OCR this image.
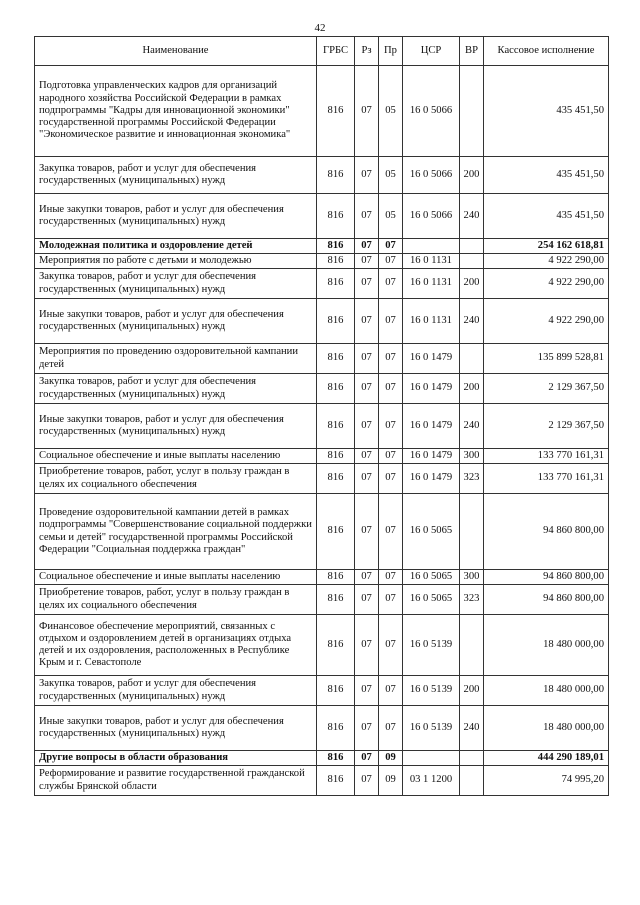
42
Наименование	ГРБС	Рз	Пр	ЦСР	ВР	Кассовое исполнение
Подготовка управленческих кадров для организаций народного хозяйства Российской Федерации в рамках подпрограммы "Кадры для инновационной экономики" государственной программы Российской Федерации "Экономическое развитие и инновационная экономика"	816	07	05	16 0 5066		435 451,50
Закупка товаров, работ и услуг для обеспечения государственных (муниципальных) нужд	816	07	05	16 0 5066	200	435 451,50
Иные закупки товаров, работ и услуг для обеспечения государственных (муниципальных) нужд	816	07	05	16 0 5066	240	435 451,50
Молодежная политика и оздоровление детей	816	07	07			254 162 618,81
Мероприятия по работе с детьми и молодежью	816	07	07	16 0 1131		4 922 290,00
Закупка товаров, работ и услуг для обеспечения государственных (муниципальных) нужд	816	07	07	16 0 1131	200	4 922 290,00
Иные закупки товаров, работ и услуг для обеспечения государственных (муниципальных) нужд	816	07	07	16 0 1131	240	4 922 290,00
Мероприятия по проведению оздоровительной кампании детей	816	07	07	16 0 1479		135 899 528,81
Закупка товаров, работ и услуг для обеспечения государственных (муниципальных) нужд	816	07	07	16 0 1479	200	2 129 367,50
Иные закупки товаров, работ и услуг для обеспечения государственных (муниципальных) нужд	816	07	07	16 0 1479	240	2 129 367,50
Социальное обеспечение и иные выплаты населению	816	07	07	16 0 1479	300	133 770 161,31
Приобретение товаров, работ, услуг в пользу граждан в целях их социального обеспечения	816	07	07	16 0 1479	323	133 770 161,31
Проведение оздоровительной кампании детей в рамках подпрограммы "Совершенствование социальной поддержки семьи и детей" государственной программы Российской Федерации "Социальная поддержка граждан"	816	07	07	16 0 5065		94 860 800,00
Социальное обеспечение и иные выплаты населению	816	07	07	16 0 5065	300	94 860 800,00
Приобретение товаров, работ, услуг в пользу граждан в целях их социального обеспечения	816	07	07	16 0 5065	323	94 860 800,00
Финансовое обеспечение мероприятий, связанных с отдыхом и оздоровлением детей в организациях отдыха детей и их оздоровления, расположенных в Республике Крым и г. Севастополе	816	07	07	16 0 5139		18 480 000,00
Закупка товаров, работ и услуг для обеспечения государственных (муниципальных) нужд	816	07	07	16 0 5139	200	18 480 000,00
Иные закупки товаров, работ и услуг для обеспечения государственных (муниципальных) нужд	816	07	07	16 0 5139	240	18 480 000,00
Другие вопросы в области образования	816	07	09			444 290 189,01
Реформирование и развитие государственной гражданской службы Брянской области	816	07	09	03 1 1200		74 995,20
